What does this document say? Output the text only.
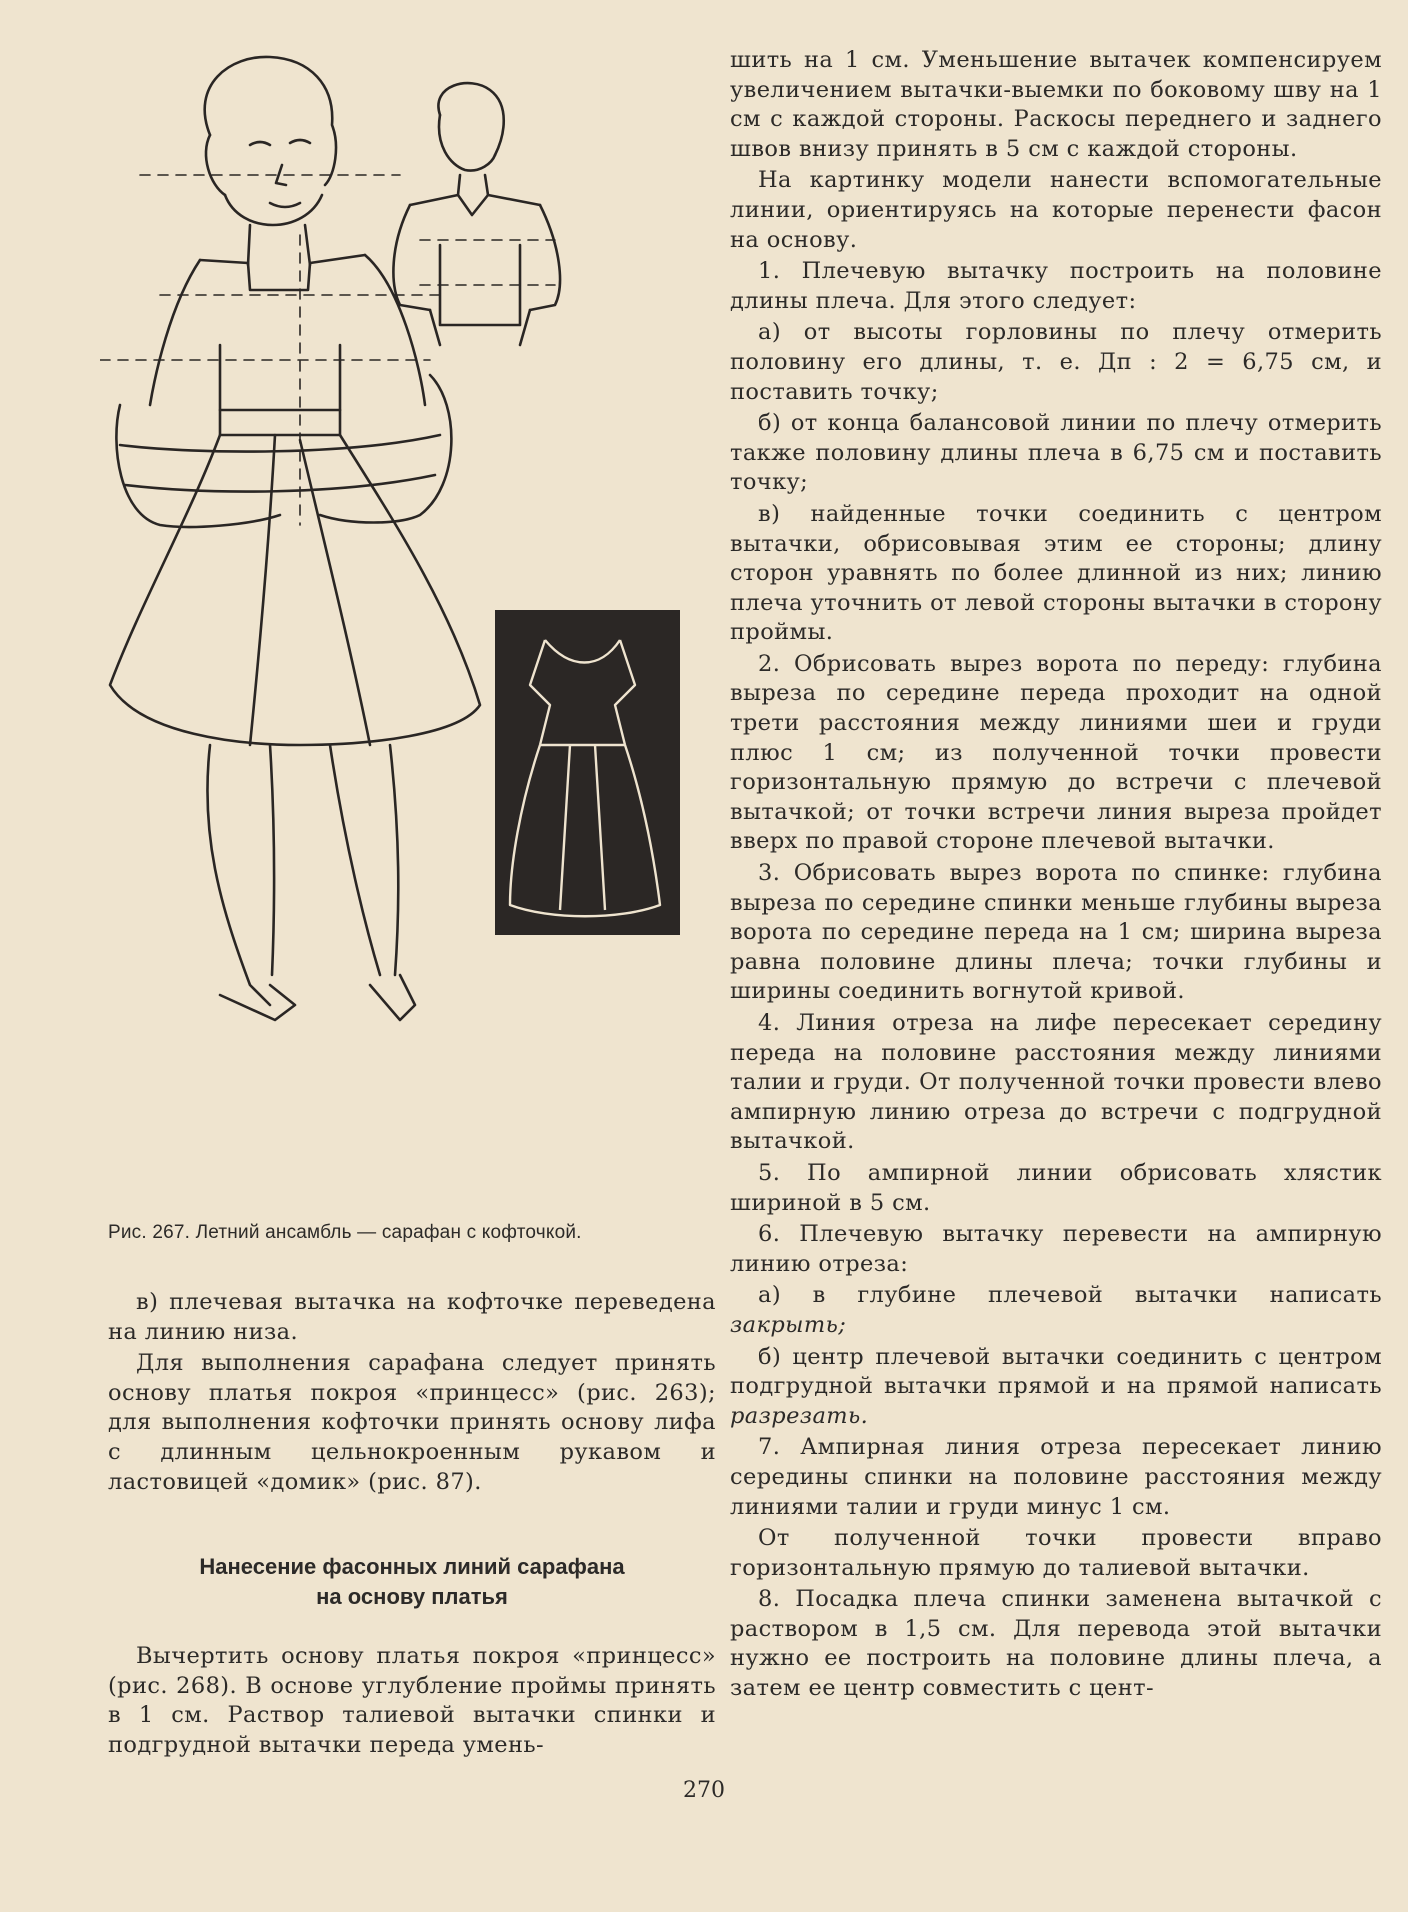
Рис. 267. Летний ансамбль — сарафан с кофточкой.

в) плечевая вытачка на кофточке переведена на линию низа.

Для выполнения сарафана следует принять основу платья покроя «принцесс» (рис. 263); для выполнения кофточки принять основу лифа с длинным цельнокроенным рукавом и ластовицей «домик» (рис. 87).

Нанесение фасонных линий сарафана
на основу платья

Вычертить основу платья покроя «принцесс» (рис. 268). В основе углубление проймы принять в 1 см. Раствор талиевой вытачки спинки и подгрудной вытачки переда умень-

шить на 1 см. Уменьшение вытачек компенсируем увеличением вытачки-выемки по боковому шву на 1 см с каждой стороны. Раскосы переднего и заднего швов внизу принять в 5 см с каждой стороны.

На картинку модели нанести вспомогательные линии, ориентируясь на которые перенести фасон на основу.

1. Плечевую вытачку построить на половине длины плеча. Для этого следует:

а) от высоты горловины по плечу отмерить половину его длины, т. е. Дп : 2 = 6,75 см, и поставить точку;

б) от конца балансовой линии по плечу отмерить также половину длины плеча в 6,75 см и поставить точку;

в) найденные точки соединить с центром вытачки, обрисовывая этим ее стороны; длину сторон уравнять по более длинной из них; линию плеча уточнить от левой стороны вытачки в сторону проймы.

2. Обрисовать вырез ворота по переду: глубина выреза по середине переда проходит на одной трети расстояния между линиями шеи и груди плюс 1 см; из полученной точки провести горизонтальную прямую до встречи с плечевой вытачкой; от точки встречи линия выреза пройдет вверх по правой стороне плечевой вытачки.

3. Обрисовать вырез ворота по спинке: глубина выреза по середине спинки меньше глубины выреза ворота по середине переда на 1 см; ширина выреза равна половине длины плеча; точки глубины и ширины соединить вогнутой кривой.

4. Линия отреза на лифе пересекает середину переда на половине расстояния между линиями талии и груди. От полученной точки провести влево ампирную линию отреза до встречи с подгрудной вытачкой.

5. По ампирной линии обрисовать хлястик шириной в 5 см.

6. Плечевую вытачку перевести на ампирную линию отреза:

а) в глубине плечевой вытачки написать закрыть;

б) центр плечевой вытачки соединить с центром подгрудной вытачки прямой и на прямой написать разрезать.

7. Ампирная линия отреза пересекает линию середины спинки на половине расстояния между линиями талии и груди минус 1 см.

От полученной точки провести вправо горизонтальную прямую до талиевой вытачки.

8. Посадка плеча спинки заменена вытачкой с раствором в 1,5 см. Для перевода этой вытачки нужно ее построить на половине длины плеча, а затем ее центр совместить с цент-

270
